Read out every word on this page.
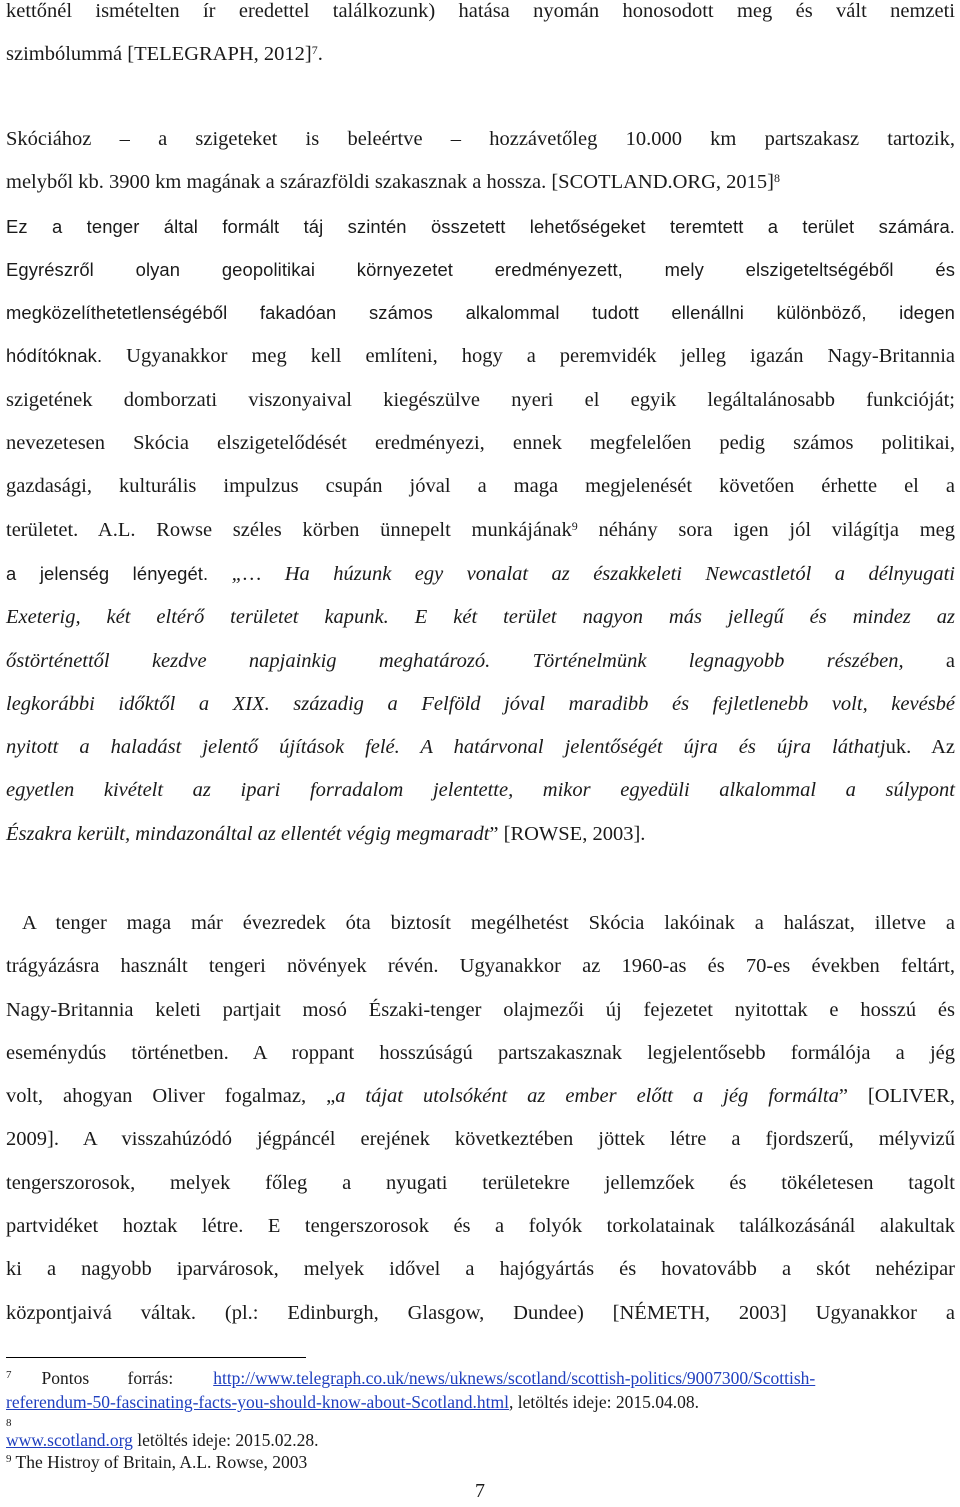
kettőnél ismételten ír eredettel találkozunk) hatása nyomán honosodott meg és vált nemzeti
szimbólummá [TELEGRAPH, 2012]$^7$.
Skóciához – a szigeteket is beleértve – hozzávetőleg 10.000 km partszakasz tartozik,
melyből kb. 3900 km magának a szárazföldi szakasznak a hossza. [SCOTLAND.ORG, 2015]$^8$
Ez a tenger által formált táj szintén összetett lehetőségeket teremtett a terület számára.
Egyrészről olyan geopolitikai környezetet eredményezett, mely elszigeteltségéből és
megközelíthetetlenségéből fakadóan számos alkalommal tudott ellenállni különböző, idegen
hódítóknak. Ugyanakkor meg kell említeni, hogy a peremvidék jelleg igazán Nagy-Britannia
szigetének domborzati viszonyaival kiegészülve nyeri el egyik legáltalánosabb funkcióját;
nevezetesen Skócia elszigetelődését eredményezi, ennek megfelelően pedig számos politikai,
gazdasági, kulturális impulzus csupán jóval a maga megjelenését követően érhette el a
területet. A.L. Rowse széles körben ünnepelt munkájának$^9$ néhány sora igen jól világítja meg
a jelenség lényegét. „… Ha húzunk egy vonalat az északkeleti Newcastletól a délnyugati
Exeterig, két eltérő területet kapunk. E két terület nagyon más jellegű és mindez az
őstörténettől kezdve napjainkig meghatározó. Történelmünk legnagyobb részében, a
legkorábbi időktől a XIX. századig a Felföld jóval maradibb és fejletlenebb volt, kevésbé
nyitott a haladást jelentő újítások felé. A határvonal jelentőségét újra és újra láthatjuk. Az
egyetlen kivételt az ipari forradalom jelentette, mikor egyedüli alkalommal a súlypont
Északra került, mindazonáltal az ellentét végig megmaradt” [ROWSE, 2003].
A tenger maga már évezredek óta biztosít megélhetést Skócia lakóinak a halászat, illetve a
trágyázásra használt tengeri növények révén. Ugyanakkor az 1960-as és 70-es években feltárt,
Nagy-Britannia keleti partjait mosó Északi-tenger olajmezői új fejezetet nyitottak e hosszú és
eseménydús történetben. A roppant hosszúságú partszakasznak legjelentősebb formálója a jég
volt, ahogyan Oliver fogalmaz, „a tájat utolsóként az ember előtt a jég formálta” [OLIVER,
2009]. A visszahúzódó jégpáncél erejének következtében jöttek létre a fjordszerű, mélyvizű
tengerszorosok, melyek főleg a nyugati területekre jellemzőek és tökéletesen tagolt
partvidéket hoztak létre. E tengerszorosok és a folyók torkolatainak találkozásánál alakultak
ki a nagyobb iparvárosok, melyek idővel a hajógyártás és hovatovább a skót nehézipar
központjaivá váltak. (pl.: Edinburgh, Glasgow, Dundee) [NÉMETH, 2003] Ugyanakkor a
$^7$ Pontos forrás: http://www.telegraph.co.uk/news/uknews/scotland/scottish-politics/9007300/Scottish-
referendum-50-fascinating-facts-you-should-know-about-Scotland.html, letöltés ideje: 2015.04.08.
$^8$
www.scotland.org letöltés ideje: 2015.02.28.
$^9$ The Histroy of Britain, A.L. Rowse, 2003
7
